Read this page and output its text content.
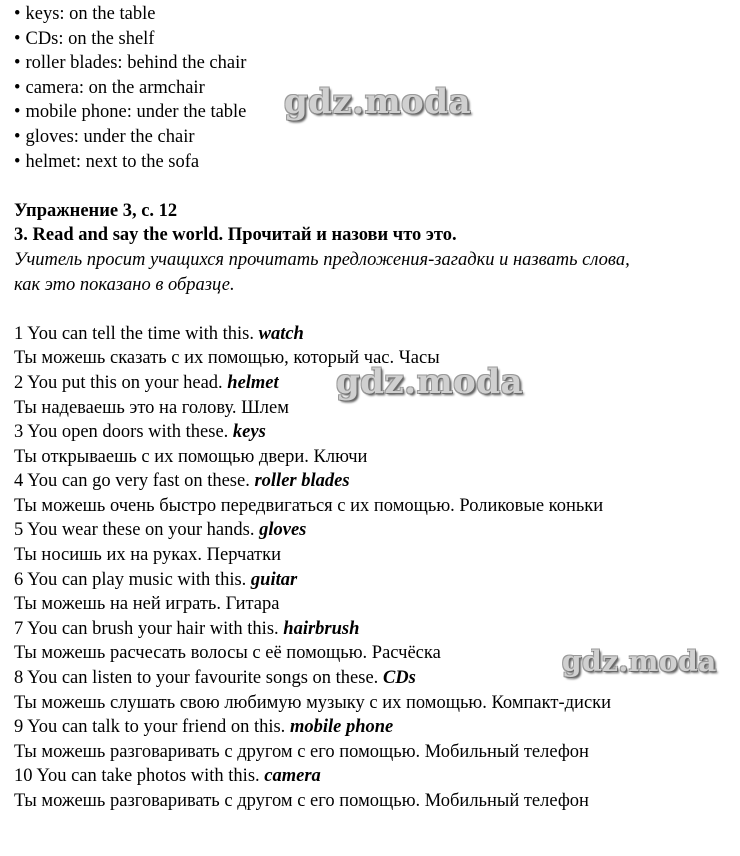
• keys: on the table
• CDs: on the shelf
• roller blades: behind the chair
• camera: on the armchair
• mobile phone: under the table
• gloves: under the chair
• helmet: next to the sofa
Упражнение 3, с. 12
3. Read and say the world. Прочитай и назови что это.
Учитель просит учащихся прочитать предложения-загадки и назвать слова,
как это показано в образце.
1 You can tell the time with this. watch
Ты можешь сказать с их помощью, который час. Часы
2 You put this on your head. helmet
Ты надеваешь это на голову. Шлем
3 You open doors with these. keys
Ты открываешь с их помощью двери. Ключи
4 You can go very fast on these. roller blades
Ты можешь очень быстро передвигаться с их помощью. Роликовые коньки
5 You wear these on your hands. gloves
Ты носишь их на руках. Перчатки
6 You can play music with this. guitar
Ты можешь на ней играть. Гитара
7 You can brush your hair with this. hairbrush
Ты можешь расчесать волосы с её помощью. Расчёска
8 You can listen to your favourite songs on these. CDs
Ты можешь слушать свою любимую музыку с их помощью. Компакт-диски
9 You can talk to your friend on this. mobile phone
Ты можешь разговаривать с другом с его помощью. Мобильный телефон
10 You can take photos with this. camera
Ты можешь разговаривать с другом с его помощью. Мобильный телефон
gdz.moda
gdz.moda
gdz.moda
